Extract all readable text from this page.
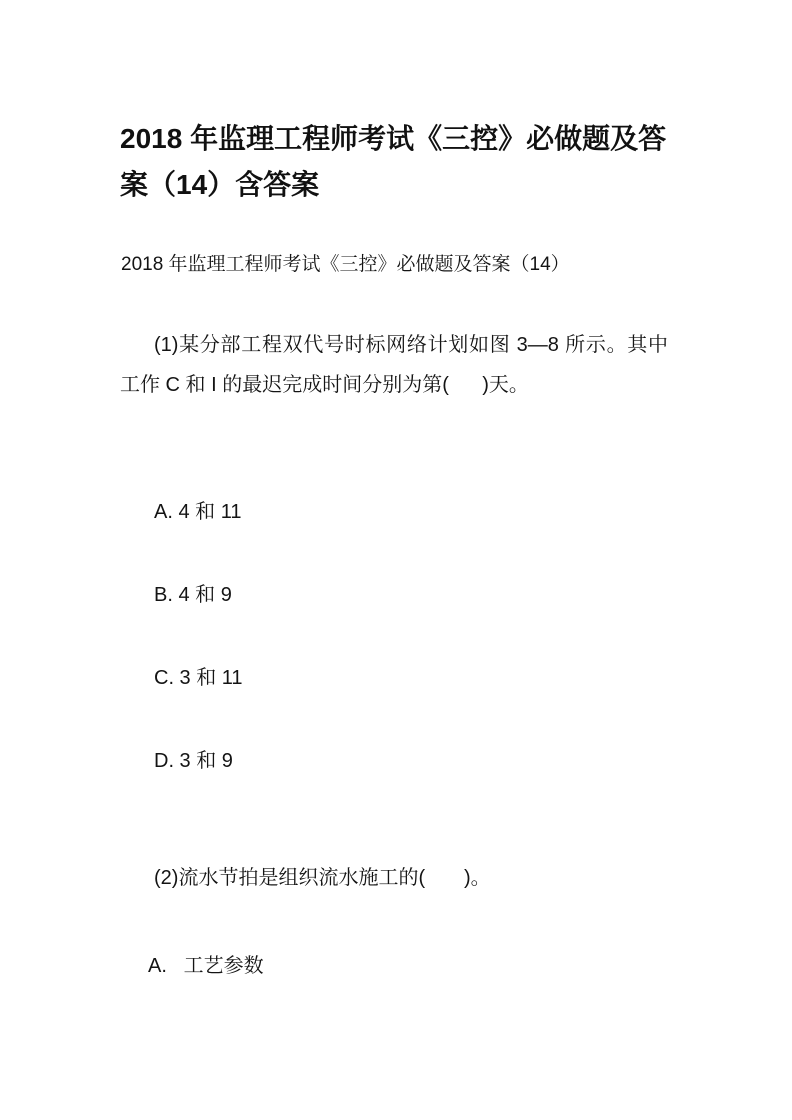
2018 年监理工程师考试《三控》必做题及答案（14）含答案

2018 年监理工程师考试《三控》必做题及答案（14）

(1)某分部工程双代号时标网络计划如图 3—8 所示。其中工作 C 和 I 的最迟完成时间分别为第(      )天。

A. 4 和 11

B. 4 和 9

C. 3 和 11

D. 3 和 9

(2)流水节拍是组织流水施工的(       )。

A.   工艺参数
